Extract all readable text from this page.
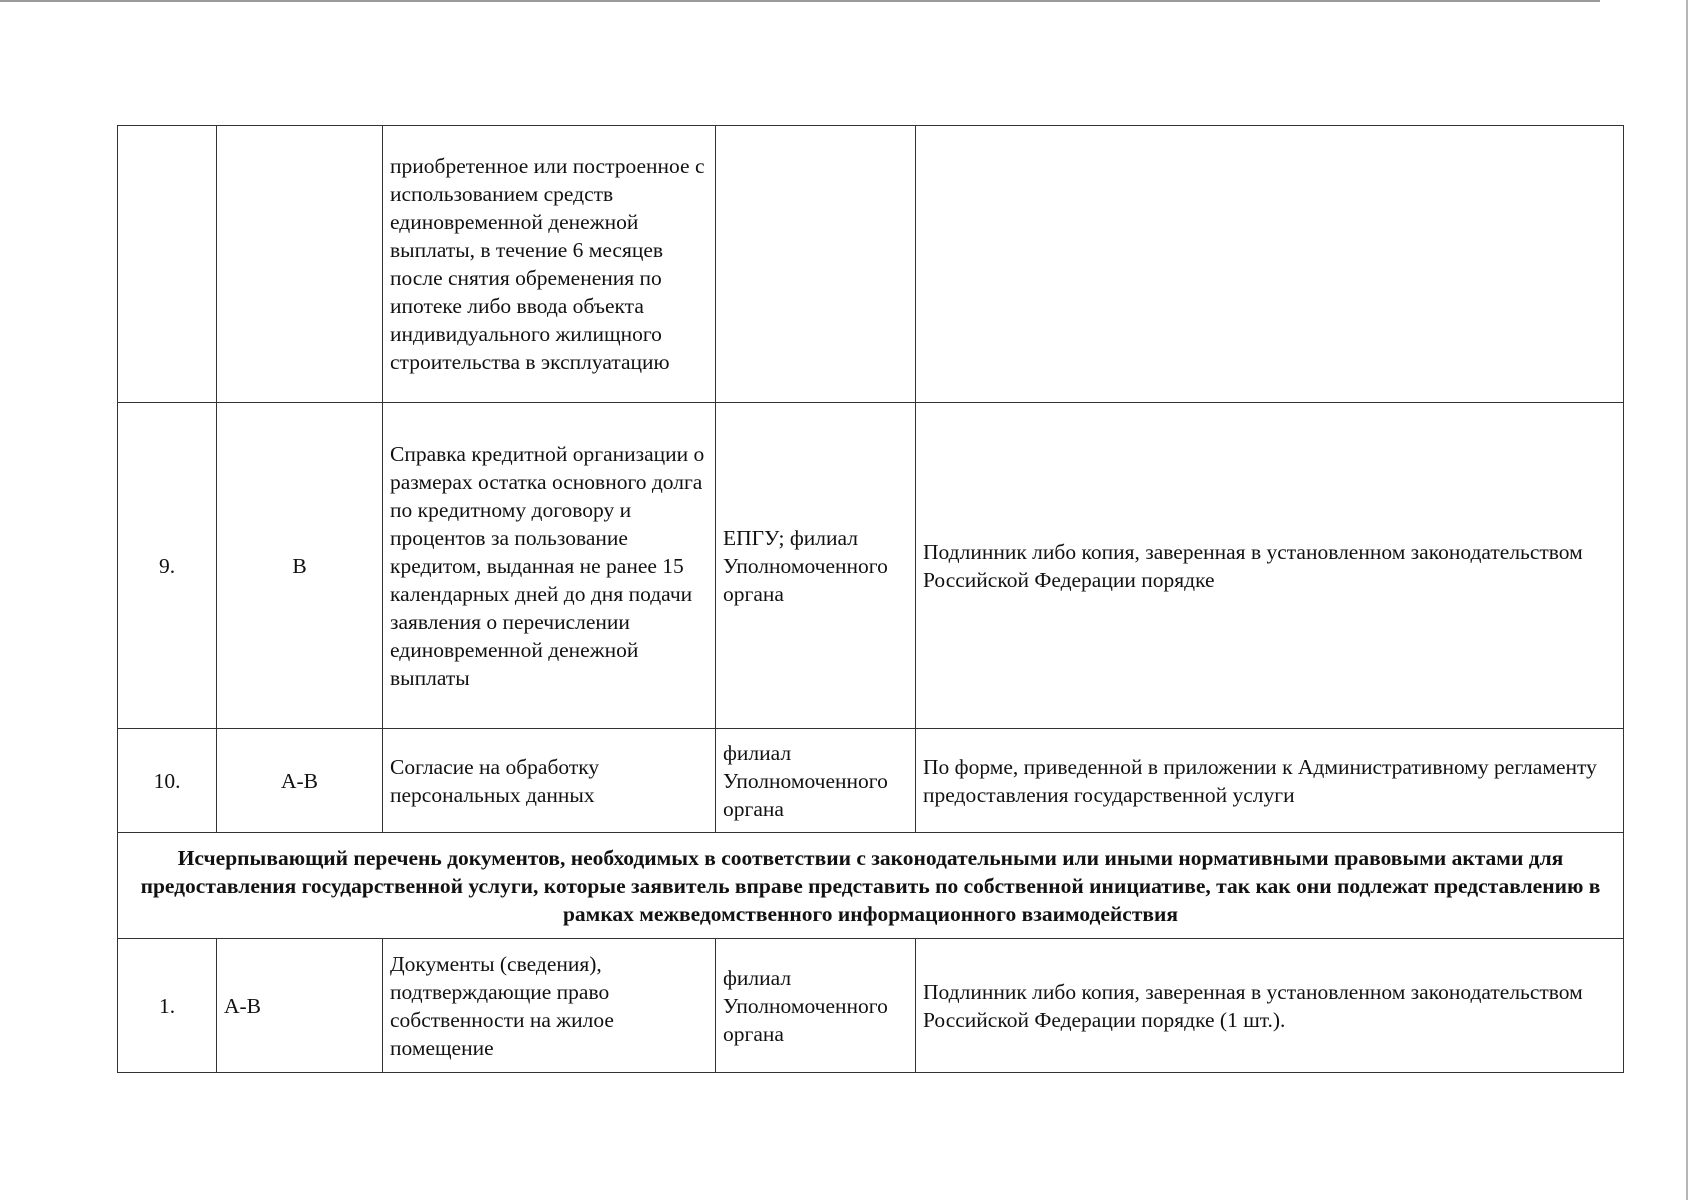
		приобретенное или построенное с использованием средств единовременной денежной выплаты, в течение 6 месяцев после снятия обременения по ипотеке либо ввода объекта индивидуального жилищного строительства в эксплуатацию		
9.	В	Справка кредитной организации о размерах остатка основного долга по кредитному договору и процентов за пользование кредитом, выданная не ранее 15 календарных дней до дня подачи заявления о перечислении единовременной денежной выплаты	ЕПГУ; филиал Уполномоченного органа	Подлинник либо копия, заверенная в установленном законодательством Российской Федерации порядке
10.	А-В	Согласие на обработку персональных данных	филиал Уполномоченного органа	По форме, приведенной в приложении к Административному регламенту предоставления государственной услуги
Исчерпывающий перечень документов, необходимых в соответствии с законодательными или иными нормативными правовыми актами для предоставления государственной услуги, которые заявитель вправе представить по собственной инициативе, так как они подлежат представлению в рамках межведомственного информационного взаимодействия				
1.	А-В	Документы (сведения), подтверждающие право собственности на жилое помещение	филиал Уполномоченного органа	Подлинник либо копия, заверенная в установленном законодательством Российской Федерации порядке (1 шт.).
